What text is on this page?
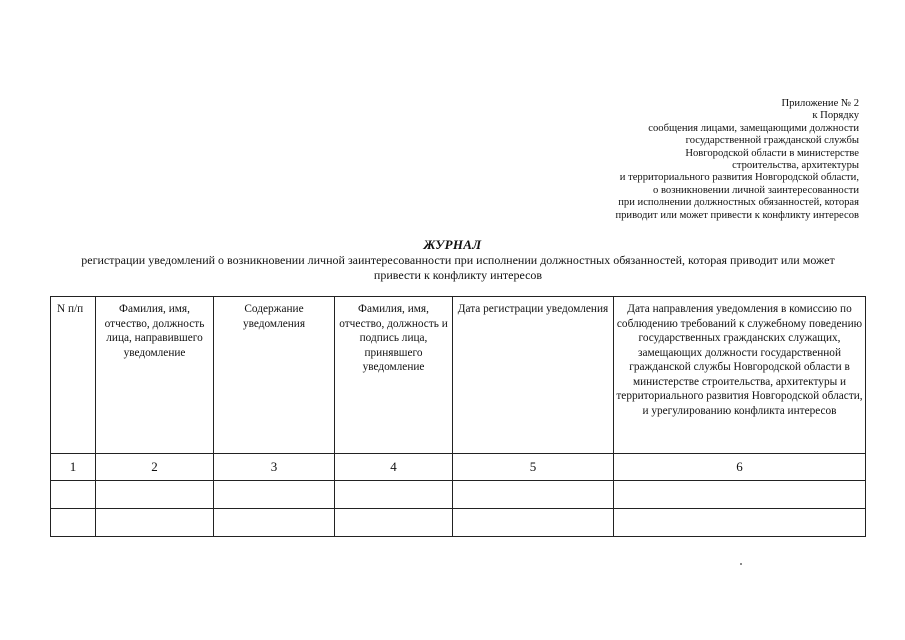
Приложение № 2
к Порядку
сообщения лицами, замещающими должности
государственной гражданской службы
Новгородской области в министерстве
строительства, архитектуры
и территориального развития Новгородской области,
о возникновении личной заинтересованности
при исполнении должностных обязанностей, которая
приводит или может привести к конфликту интересов
ЖУРНАЛ
регистрации уведомлений о возникновении личной заинтересованности при исполнении должностных обязанностей, которая приводит или может
привести к конфликту интересов
N п/п	Фамилия, имя, отчество, должность лица, направившего уведомление	Содержание уведомления	Фамилия, имя, отчество, должность и подпись лица, принявшего уведомление	Дата регистрации уведомления	Дата направления уведомления в комиссию по соблюдению требований к служебному поведению государственных гражданских служащих, замещающих должности государственной гражданской службы Новгородской области в министерстве строительства, архитектуры и территориального развития Новгородской области, и урегулированию конфликта интересов
1	2	3	4	5	6
